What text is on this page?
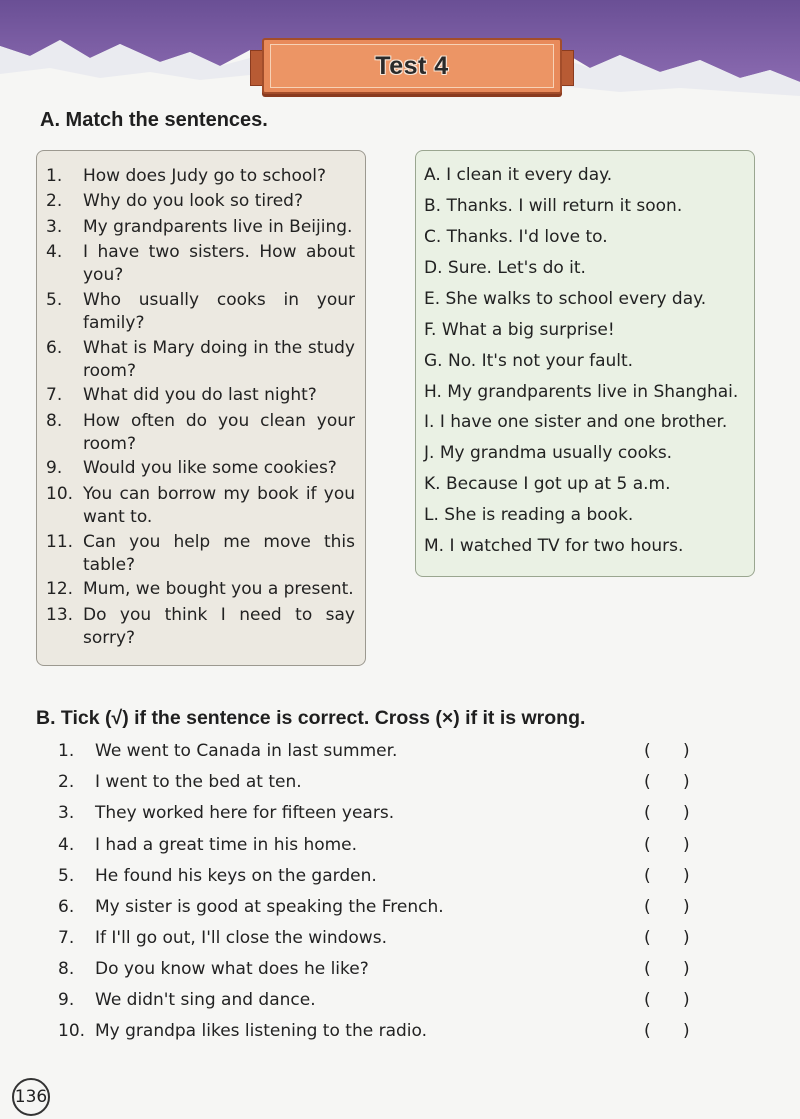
Test 4
A. Match the sentences.
1.	How does Judy go to school?
2.	Why do you look so tired?
3.	My grandparents live in Beijing.
4.	I have two sisters. How about you?
5.	Who usually cooks in your family?
6.	What is Mary doing in the study room?
7.	What did you do last night?
8.	How often do you clean your room?
9.	Would you like some cookies?
10. You can borrow my book if you want to.
11. Can you help me move this table?
12. Mum, we bought you a present.
13. Do you think I need to say sorry?
A. I clean it every day.
B. Thanks. I will return it soon.
C. Thanks. I'd love to.
D. Sure. Let's do it.
E. She walks to school every day.
F. What a big surprise!
G. No. It's not your fault.
H. My grandparents live in Shanghai.
I. I have one sister and one brother.
J. My grandma usually cooks.
K. Because I got up at 5 a.m.
L. She is reading a book.
M. I watched TV for two hours.
B. Tick (√) if the sentence is correct. Cross (×) if it is wrong.
1. We went to Canada in last summer.	(      )
2. I went to the bed at ten.	(      )
3. They worked here for fifteen years.	(      )
4. I had a great time in his home.	(      )
5. He found his keys on the garden.	(      )
6. My sister is good at speaking the French.	(      )
7. If I'll go out, I'll close the windows.	(      )
8. Do you know what does he like?	(      )
9. We didn't sing and dance.	(      )
10. My grandpa likes listening to the radio.	(      )
136
